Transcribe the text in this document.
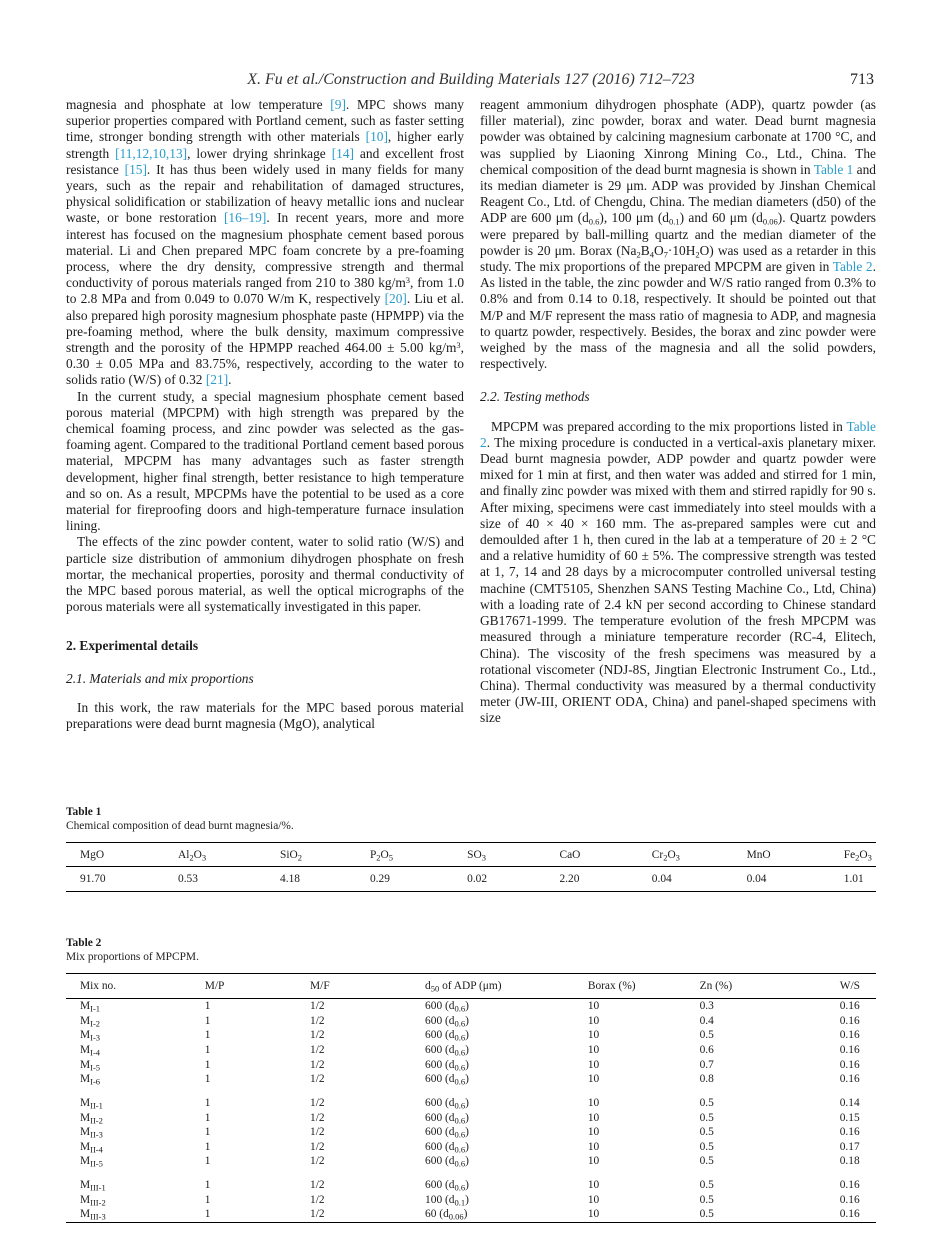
X. Fu et al./Construction and Building Materials 127 (2016) 712–723	713

magnesia and phosphate at low temperature [9]. MPC shows many superior properties compared with Portland cement, such as faster setting time, stronger bonding strength with other materials [10], higher early strength [11,12,10,13], lower drying shrinkage [14] and excellent frost resistance [15]. It has thus been widely used in many fields for many years, such as the repair and rehabilitation of damaged structures, physical solidification or stabilization of heavy metallic ions and nuclear waste, or bone restoration [16–19]. In recent years, more and more interest has focused on the magnesium phosphate cement based porous material. Li and Chen prepared MPC foam concrete by a pre-foaming process, where the dry density, compressive strength and thermal conductivity of porous materials ranged from 210 to 380 $kg/m^3$, from 1.0 to 2.8 MPa and from 0.049 to 0.070 W/m K, respectively [20]. Liu et al. also prepared high porosity magnesium phosphate paste (HPMPP) via the pre-foaming method, where the bulk density, maximum compressive strength and the porosity of the HPMPP reached 464.00 ± 5.00 $kg/m^3$, 0.30 ± 0.05 MPa and 83.75%, respectively, according to the water to solids ratio (W/S) of 0.32 [21].

In the current study, a special magnesium phosphate cement based porous material (MPCPM) with high strength was prepared by the chemical foaming process, and zinc powder was selected as the gas-foaming agent. Compared to the traditional Portland cement based porous material, MPCPM has many advantages such as faster strength development, higher final strength, better resistance to high temperature and so on. As a result, MPCPMs have the potential to be used as a core material for fireproofing doors and high-temperature furnace insulation lining.

The effects of the zinc powder content, water to solid ratio (W/S) and particle size distribution of ammonium dihydrogen phosphate on fresh mortar, the mechanical properties, porosity and thermal conductivity of the MPC based porous material, as well the optical micrographs of the porous materials were all systematically investigated in this paper.

2. Experimental details
2.1. Materials and mix proportions

In this work, the raw materials for the MPC based porous material preparations were dead burnt magnesia (MgO), analytical

reagent ammonium dihydrogen phosphate (ADP), quartz powder (as filler material), zinc powder, borax and water. Dead burnt magnesia powder was obtained by calcining magnesium carbonate at 1700 °C, and was supplied by Liaoning Xinrong Mining Co., Ltd., China. The chemical composition of the dead burnt magnesia is shown in Table 1 and its median diameter is 29 μm. ADP was provided by Jinshan Chemical Reagent Co., Ltd. of Chengdu, China. The median diameters (d50) of the ADP are 600 μm (d0.6), 100 μm (d0.1) and 60 μm (d0.06). Quartz powders were prepared by ball-milling quartz and the median diameter of the powder is 20 μm. Borax (Na2B4O7·10H2O) was used as a retarder in this study. The mix proportions of the prepared MPCPM are given in Table 2. As listed in the table, the zinc powder and W/S ratio ranged from 0.3% to 0.8% and from 0.14 to 0.18, respectively. It should be pointed out that M/P and M/F represent the mass ratio of magnesia to ADP, and magnesia to quartz powder, respectively. Besides, the borax and zinc powder were weighed by the mass of the magnesia and all the solid powders, respectively.

2.2. Testing methods

MPCPM was prepared according to the mix proportions listed in Table 2. The mixing procedure is conducted in a vertical-axis planetary mixer. Dead burnt magnesia powder, ADP powder and quartz powder were mixed for 1 min at first, and then water was added and stirred for 1 min, and finally zinc powder was mixed with them and stirred rapidly for 90 s. After mixing, specimens were cast immediately into steel moulds with a size of 40 × 40 × 160 mm. The as-prepared samples were cut and demoulded after 1 h, then cured in the lab at a temperature of 20 ± 2 °C and a relative humidity of 60 ± 5%. The compressive strength was tested at 1, 7, 14 and 28 days by a microcomputer controlled universal testing machine (CMT5105, Shenzhen SANS Testing Machine Co., Ltd, China) with a loading rate of 2.4 kN per second according to Chinese standard GB17671-1999. The temperature evolution of the fresh MPCPM was measured through a miniature temperature recorder (RC-4, Elitech, China). The viscosity of the fresh specimens was measured by a rotational viscometer (NDJ-8S, Jingtian Electronic Instrument Co., Ltd., China). Thermal conductivity was measured by a thermal conductivity meter (JW-III, ORIENT ODA, China) and panel-shaped specimens with size

Table 1

Chemical composition of dead burnt magnesia/%.

MgO	$Al_2O_3$	SiO$_2$	$P_2O_5$	$SO_3$	CaO	$Cr_2O_3$	MnO	$Fe_2O_3$
91.70	0.53	4.18	0.29	0.02	2.20	0.04	0.04	1.01

Table 2

Mix proportions of MPCPM.

Mix no.	M/P	M/F	$d_{50}$ of ADP (μm)	Borax (%)	Zn (%)	W/S
$M_{I-1}$	1	1/2	600 $(d_{0.6})$	10	0.3	0.16
$M_{I-2}$	1	1/2	600 $(d_{0.6})$	10	0.4	0.16
$M_{I-3}$	1	1/2	600 $(d_{0.6})$	10	0.5	0.16
$M_{I-4}$	1	1/2	600 $(d_{0.6})$	10	0.6	0.16
$M_{I-5}$	1	1/2	600 $(d_{0.6})$	10	0.7	0.16
$M_{I-6}$	1	1/2	600 $(d_{0.6})$	10	0.8	0.16

$M_{II-1}$	1	1/2	600 $(d_{0.6})$	10	0.5	0.14
$M_{II-2}$	1	1/2	600 $(d_{0.6})$	10	0.5	0.15
$M_{II-3}$	1	1/2	600 $(d_{0.6})$	10	0.5	0.16
$M_{II-4}$	1	1/2	600 $(d_{0.6})$	10	0.5	0.17
$M_{II-5}$	1	1/2	600 $(d_{0.6})$	10	0.5	0.18

$M_{III-1}$	1	1/2	600 $(d_{0.6})$	10	0.5	0.16
$M_{III-2}$	1	1/2	100 $(d_{0.1})$	10	0.5	0.16
$M_{III-3}$	1	1/2	60 $(d_{0.06})$	10	0.5	0.16
